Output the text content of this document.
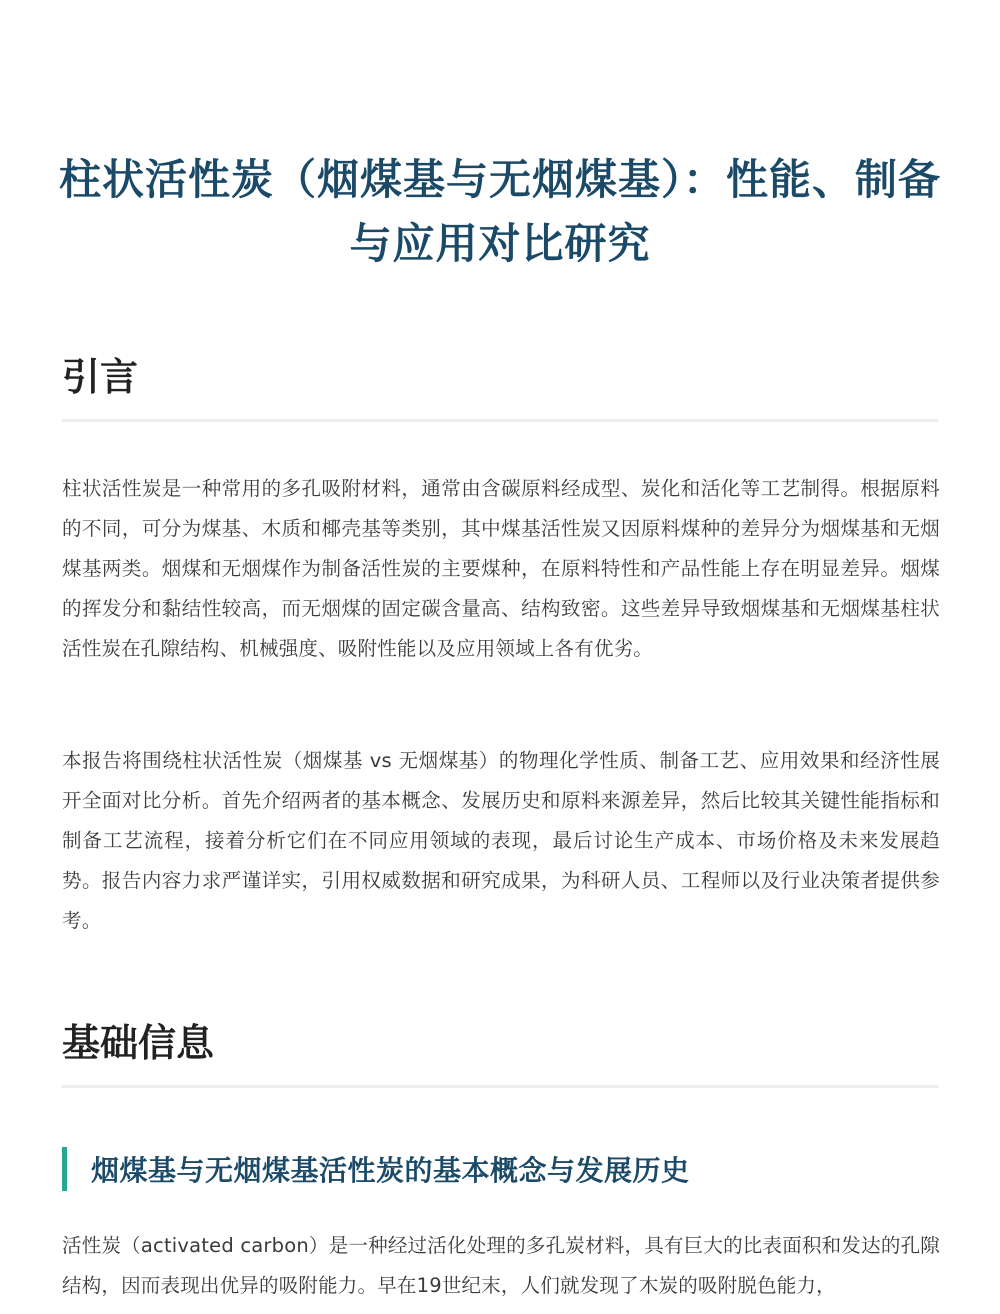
柱状活性炭（烟煤基与无烟煤基）：性能、制备与应用对比研究
引言

柱状活性炭是一种常用的多孔吸附材料，通常由含碳原料经成型、炭化和活化等工艺制得。根据原料的不同，可分为煤基、木质和椰壳基等类别，其中煤基活性炭又因原料煤种的差异分为烟煤基和无烟煤基两类。烟煤和无烟煤作为制备活性炭的主要煤种，在原料特性和产品性能上存在明显差异。烟煤的挥发分和黏结性较高，而无烟煤的固定碳含量高、结构致密。这些差异导致烟煤基和无烟煤基柱状活性炭在孔隙结构、机械强度、吸附性能以及应用领域上各有优劣。

本报告将围绕柱状活性炭（烟煤基 vs 无烟煤基）的物理化学性质、制备工艺、应用效果和经济性展开全面对比分析。首先介绍两者的基本概念、发展历史和原料来源差异，然后比较其关键性能指标和制备工艺流程，接着分析它们在不同应用领域的表现，最后讨论生产成本、市场价格及未来发展趋势。报告内容力求严谨详实，引用权威数据和研究成果，为科研人员、工程师以及行业决策者提供参考。

基础信息
烟煤基与无烟煤基活性炭的基本概念与发展历史

活性炭（activated carbon）是一种经过活化处理的多孔炭材料，具有巨大的比表面积和发达的孔隙结构，因而表现出优异的吸附能力。早在19世纪末，人们就发现了木炭的吸附脱色能力，
